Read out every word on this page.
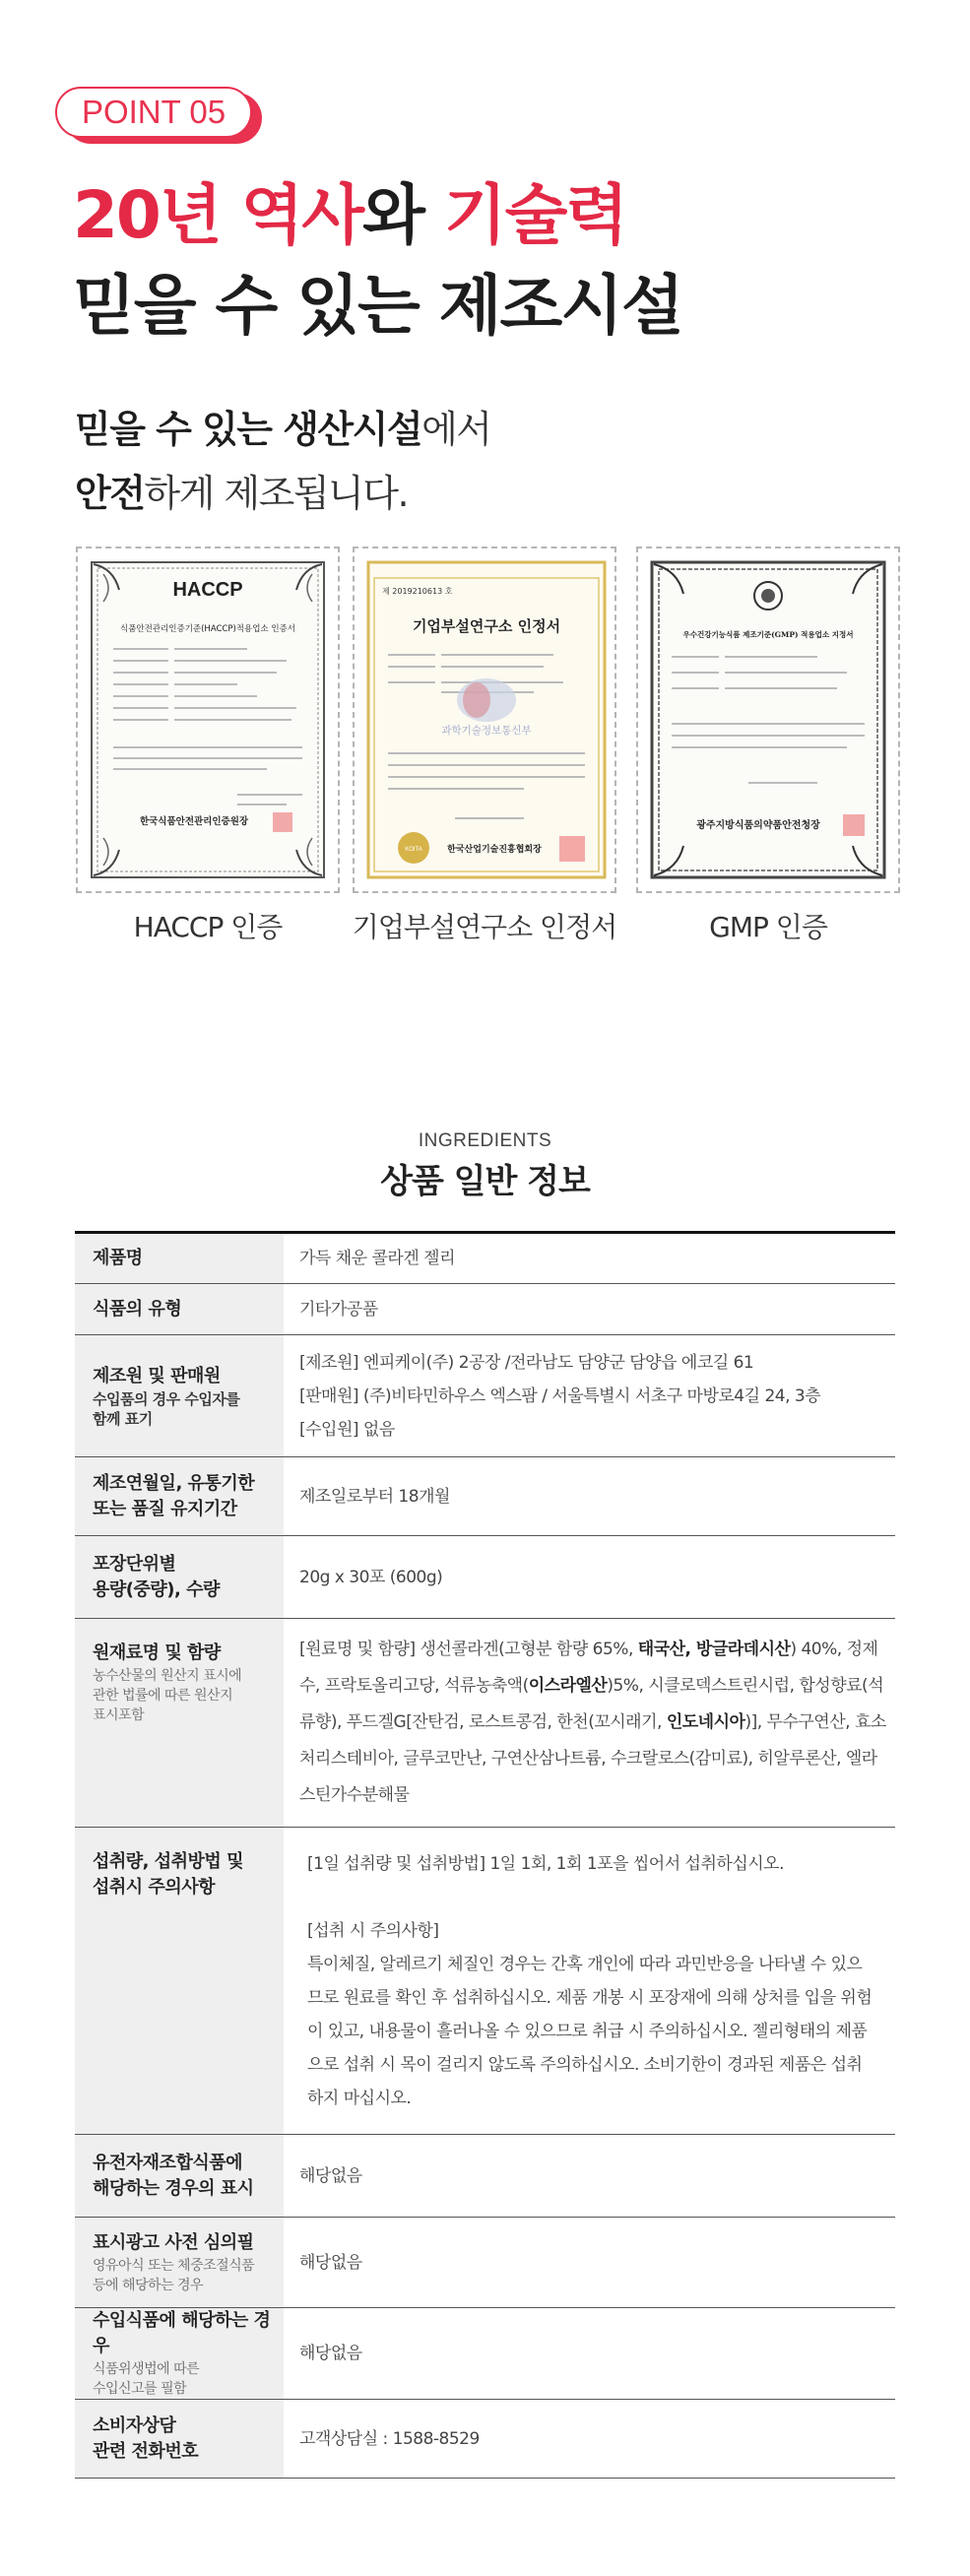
POINT 05
20년 역사와 기술력
믿을 수 있는 제조시설
믿을 수 있는 생산시설에서
안전하게 제조됩니다.
HACCP
식품안전관리인증기준(HACCP)적용업소 인증서
한국식품안전관리인증원장
제 2019210613 호
기업부설연구소 인정서
과학기술정보통신부
KOITA	한국산업기술진흥협회장
우수건강기능식품 제조기준(GMP) 적용업소 지정서
광주지방식품의약품안전청장
HACCP 인증	기업부설연구소 인정서	GMP 인증
INGREDIENTS
상품 일반 정보
제품명	가득 채운 콜라겐 젤리
식품의 유형	기타가공품
제조원 및 판매원
수입품의 경우 수입자를
함께 표기	[제조원] 엔피케이(주) 2공장 /전라남도 담양군 담양읍 에코길 61
[판매원] (주)비타민하우스 엑스팜 / 서울특별시 서초구 마방로4길 24, 3층
[수입원] 없음

제조연월일, 유통기한
또는 품질 유지기간	제조일로부터 18개월

포장단위별
용량(중량), 수량	20g x 30포 (600g)
원재료명 및 함량
농수산물의 원산지 표시에
관한 법률에 따른 원산지
표시포함	[원료명 및 함량] 생선콜라겐(고형분 함량 65%, 태국산, 방글라데시산) 40%, 정제수, 프락토올리고당, 석류농축액(이스라엘산)5%, 시클로덱스트린시럽, 합성향료(석류향), 푸드겔G[잔탄검, 로스트콩검, 한천(꼬시래기, 인도네시아)], 무수구연산, 효소처리스테비아, 글루코만난, 구연산삼나트륨, 수크랄로스(감미료), 히알루론산, 엘라스틴가수분해물

섭취량, 섭취방법 및
섭취시 주의사항	[1일 섭취량 및 섭취방법] 1일 1회, 1회 1포을 씹어서 섭취하십시오.
[섭취 시 주의사항]
특이체질, 알레르기 체질인 경우는 간혹 개인에 따라 과민반응을 나타낼 수 있으므로 원료를 확인 후 섭취하십시오. 제품 개봉 시 포장재에 의해 상처를 입을 위험이 있고, 내용물이 흘러나올 수 있으므로 취급 시 주의하십시오. 젤리형태의 제품으로 섭취 시 목이 걸리지 않도록 주의하십시오. 소비기한이 경과된 제품은 섭취하지 마십시오.

유전자재조합식품에
해당하는 경우의 표시	해당없음
표시광고 사전 심의필
영유아식 또는 체중조절식품
등에 해당하는 경우	해당없음
수입식품에 해당하는 경우
식품위생법에 따른
수입신고를 필함	해당없음

소비자상담
관련 전화번호	고객상담실 : 1588-8529
